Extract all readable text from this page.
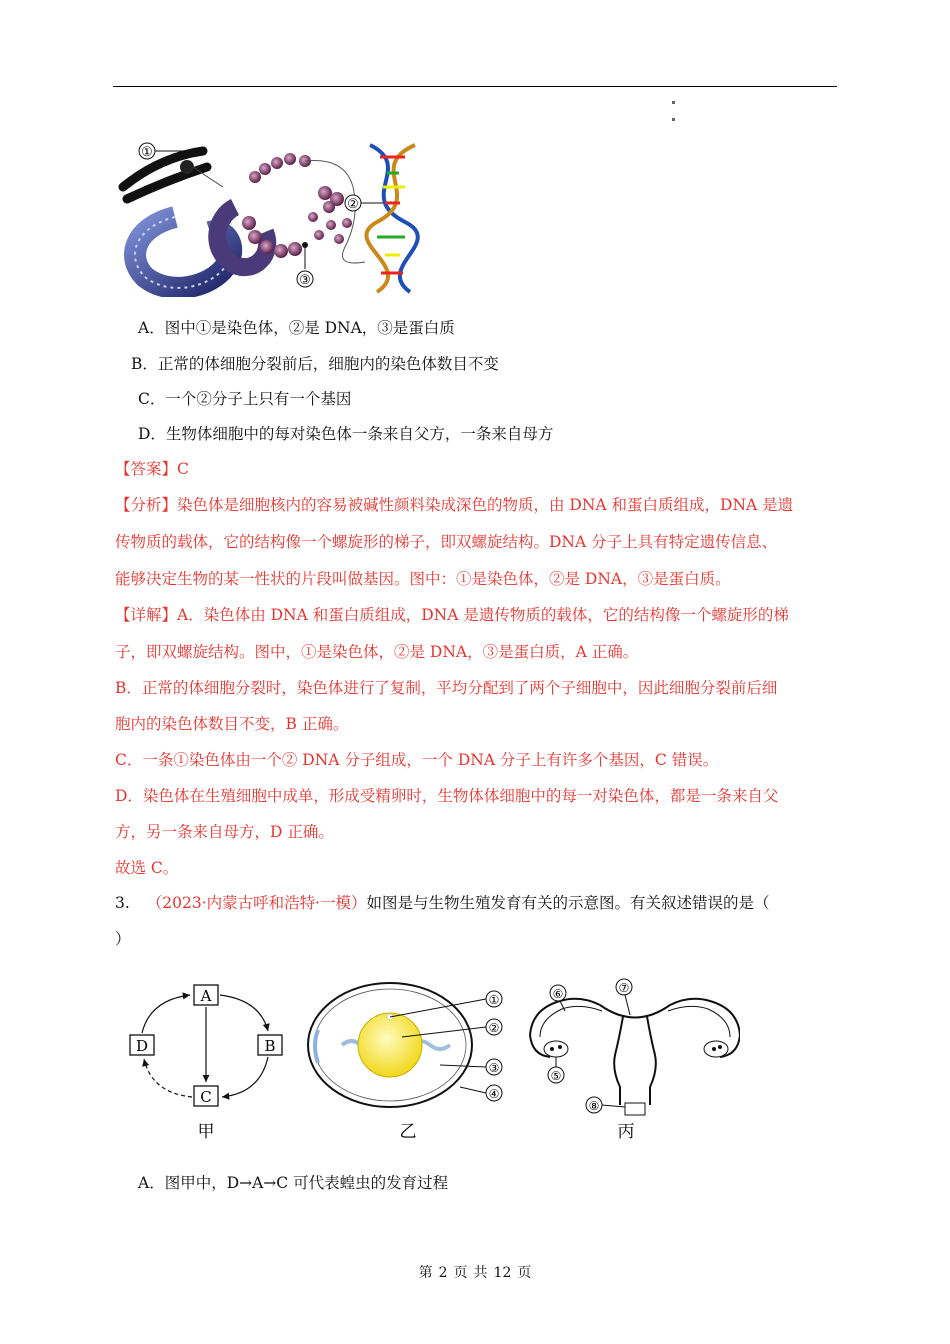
①
②
③
A．图中①是染色体，②是 DNA，③是蛋白质
B．正常的体细胞分裂前后，细胞内的染色体数目不变
C．一个②分子上只有一个基因
D．生物体细胞中的每对染色体一条来自父方，一条来自母方
【答案】C
【分析】染色体是细胞核内的容易被碱性颜料染成深色的物质，由 DNA 和蛋白质组成，DNA 是遗
传物质的载体，它的结构像一个螺旋形的梯子，即双螺旋结构。DNA 分子上具有特定遗传信息、
能够决定生物的某一性状的片段叫做基因。图中：①是染色体，②是 DNA，③是蛋白质。
【详解】A．染色体由 DNA 和蛋白质组成，DNA 是遗传物质的载体，它的结构像一个螺旋形的梯
子，即双螺旋结构。图中，①是染色体，②是 DNA，③是蛋白质，A 正确。
B．正常的体细胞分裂时，染色体进行了复制，平均分配到了两个子细胞中，因此细胞分裂前后细
胞内的染色体数目不变，B 正确。
C．一条①染色体由一个② DNA 分子组成，一个 DNA 分子上有许多个基因，C 错误。
D．染色体在生殖细胞中成单，形成受精卵时，生物体体细胞中的每一对染色体，都是一条来自父
方，另一条来自母方，D 正确。
故选 C。
3. （2023·内蒙古呼和浩特·一模）如图是与生物生殖发育有关的示意图。有关叙述错误的是（
）
A
B
C
D
甲
①
②
③
④
乙
⑥	⑦
⑤
⑧
丙
A．图甲中，D→A→C 可代表蝗虫的发育过程
第 2 页 共 12 页
